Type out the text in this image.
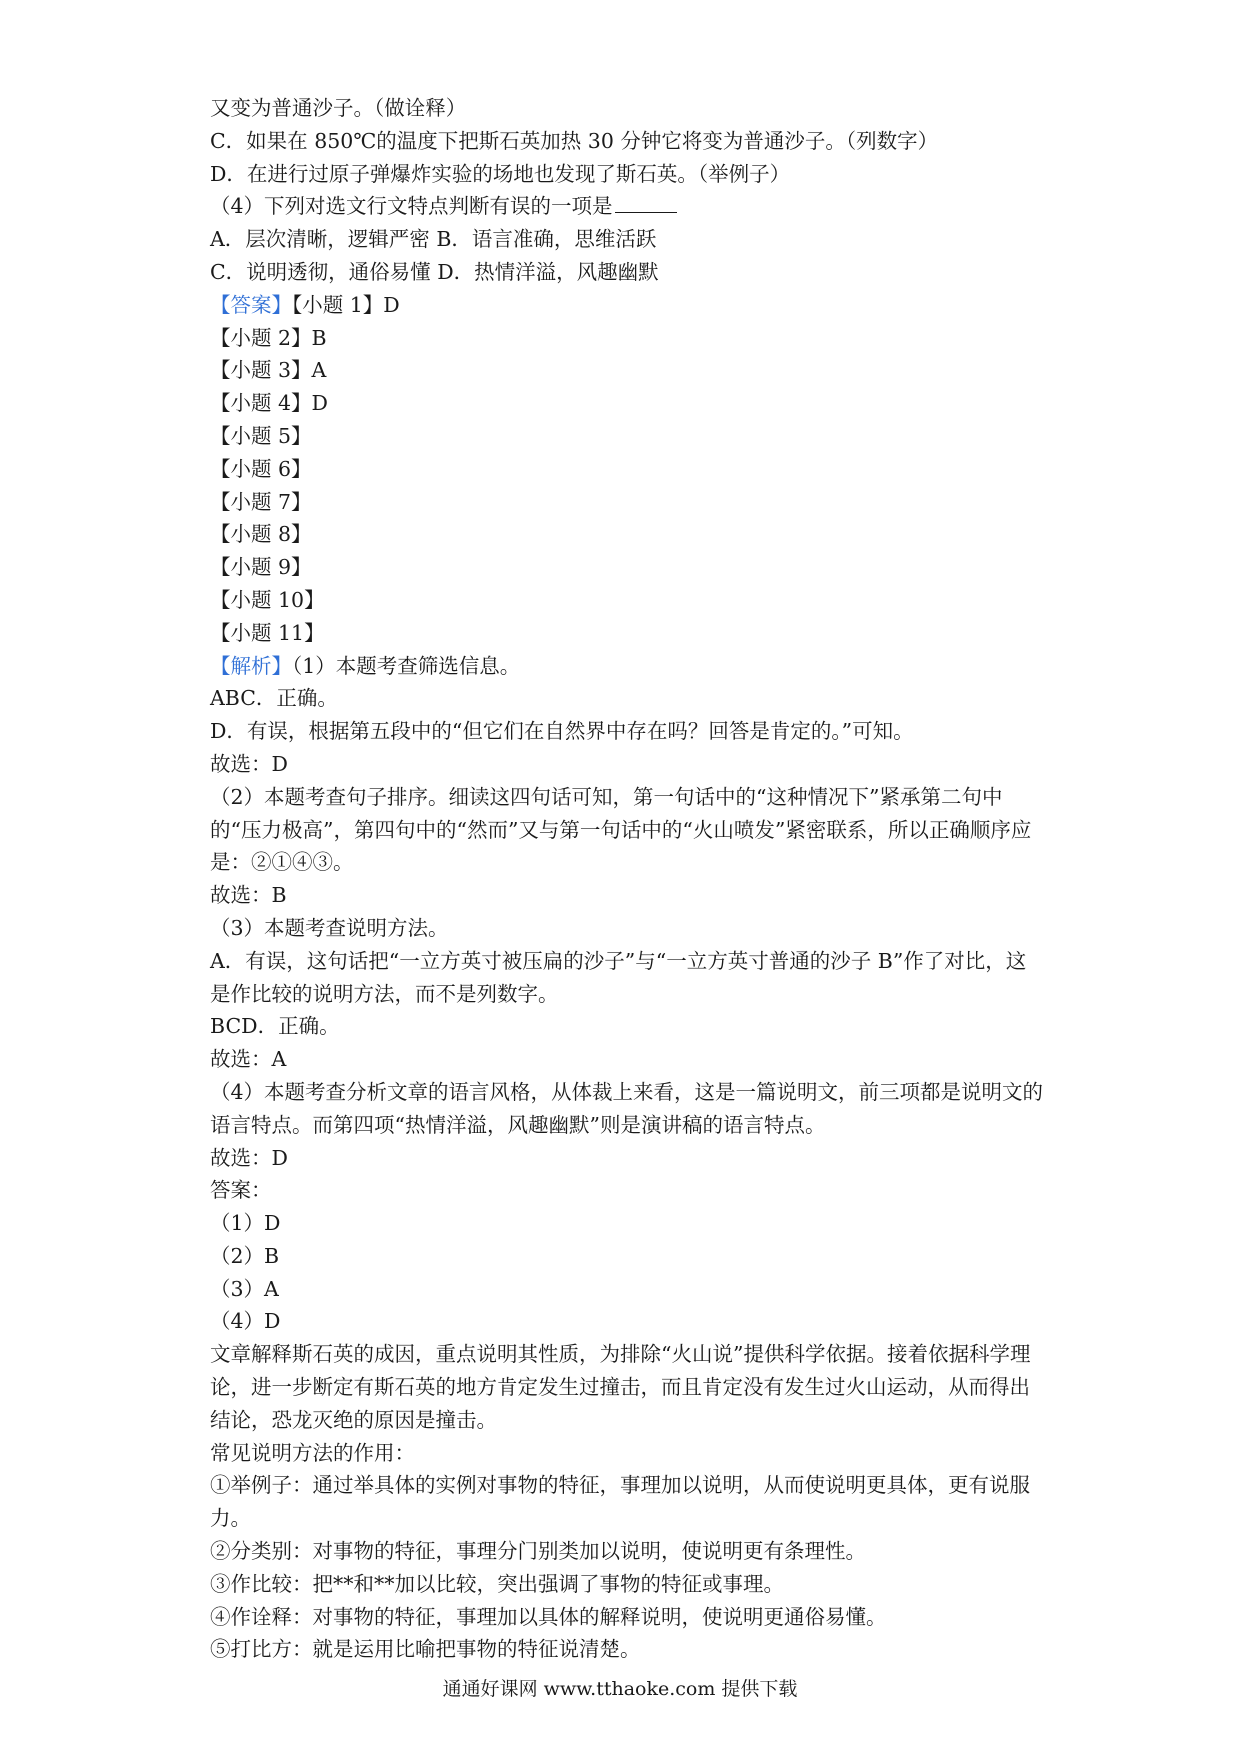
又变为普通沙子。（做诠释）
C．如果在 850℃的温度下把斯石英加热 30 分钟它将变为普通沙子。（列数字）
D．在进行过原子弹爆炸实验的场地也发现了斯石英。（举例子）
（4）下列对选文行文特点判断有误的一项是
A．层次清晰，逻辑严密 B．语言准确，思维活跃
C．说明透彻，通俗易懂 D．热情洋溢，风趣幽默
【答案】【小题 1】D
【小题 2】B
【小题 3】A
【小题 4】D
【小题 5】
【小题 6】
【小题 7】
【小题 8】
【小题 9】
【小题 10】
【小题 11】
【解析】（1）本题考查筛选信息。
ABC．正确。
D．有误，根据第五段中的“但它们在自然界中存在吗？回答是肯定的。”可知。
故选：D
（2）本题考查句子排序。细读这四句话可知，第一句话中的“这种情况下”紧承第二句中的“压力极高”，第四句中的“然而”又与第一句话中的“火山喷发”紧密联系，所以正确顺序应是：②①④③。
故选：B
（3）本题考查说明方法。
A．有误，这句话把“一立方英寸被压扁的沙子”与“一立方英寸普通的沙子 B”作了对比，这是作比较的说明方法，而不是列数字。
BCD．正确。
故选：A
（4）本题考查分析文章的语言风格，从体裁上来看，这是一篇说明文，前三项都是说明文的语言特点。而第四项“热情洋溢，风趣幽默”则是演讲稿的语言特点。
故选：D
答案：
（1）D
（2）B
（3）A
（4）D
文章解释斯石英的成因，重点说明其性质，为排除“火山说”提供科学依据。接着依据科学理论，进一步断定有斯石英的地方肯定发生过撞击，而且肯定没有发生过火山运动，从而得出结论，恐龙灭绝的原因是撞击。
常见说明方法的作用：
①举例子：通过举具体的实例对事物的特征，事理加以说明，从而使说明更具体，更有说服力。
②分类别：对事物的特征，事理分门别类加以说明，使说明更有条理性。
③作比较：把**和**加以比较，突出强调了事物的特征或事理。
④作诠释：对事物的特征，事理加以具体的解释说明，使说明更通俗易懂。
⑤打比方：就是运用比喻把事物的特征说清楚。
通通好课网 www.tthaoke.com 提供下载
